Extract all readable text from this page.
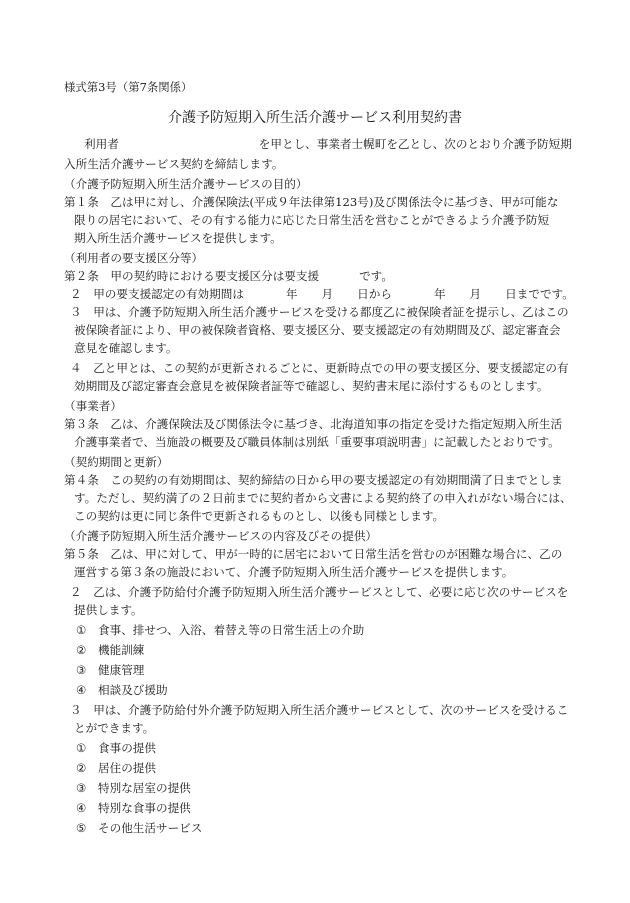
様式第3号（第7条関係）
介護予防短期入所生活介護サービス利用契約書
利用者	を甲とし、事業者士幌町を乙とし、次のとおり介護予防短期
入所生活介護サービス契約を締結します。
（介護予防短期入所生活介護サービスの目的）
第１条　乙は甲に対し、介護保険法(平成９年法律第123号)及び関係法令に基づき、甲が可能な
限りの居宅において、その有する能力に応じた日常生活を営むことができるよう介護予防短
期入所生活介護サービスを提供します。
（利用者の要支援区分等）
第２条　甲の契約時における要支援区分は要支援	です。
２　甲の要支援認定の有効期間は	年 月 日から	年 月 日までです。
３　甲は、介護予防短期入所生活介護サービスを受ける都度乙に被保険者証を提示し、乙はこの
被保険者証により、甲の被保険者資格、要支援区分、要支援認定の有効期間及び、認定審査会
意見を確認します。
４　乙と甲とは、この契約が更新されるごとに、更新時点での甲の要支援区分、要支援認定の有
効期間及び認定審査会意見を被保険者証等で確認し、契約書末尾に添付するものとします。
（事業者）
第３条　乙は、介護保険法及び関係法令に基づき、北海道知事の指定を受けた指定短期入所生活
介護事業者で、当施設の概要及び職員体制は別紙「重要事項説明書」に記載したとおりです。
（契約期間と更新）
第４条　この契約の有効期間は、契約締結の日から甲の要支援認定の有効期間満了日までとしま
す。ただし、契約満了の２日前までに契約者から文書による契約終了の申入れがない場合には、
この契約は更に同じ条件で更新されるものとし、以後も同様とします。
（介護予防短期入所生活介護サービスの内容及びその提供）
第５条　乙は、甲に対して、甲が一時的に居宅において日常生活を営むのが困難な場合に、乙の
運営する第３条の施設において、介護予防短期入所生活介護サービスを提供します。
２　乙は、介護予防給付介護予防短期入所生活介護サービスとして、必要に応じ次のサービスを
提供します。
① 食事、排せつ、入浴、着替え等の日常生活上の介助
② 機能訓練
③ 健康管理
④ 相談及び援助
３　甲は、介護予防給付外介護予防短期入所生活介護サービスとして、次のサービスを受けるこ
とができます。
① 食事の提供
② 居住の提供
③ 特別な居室の提供
④ 特別な食事の提供
⑤ その他生活サービス
